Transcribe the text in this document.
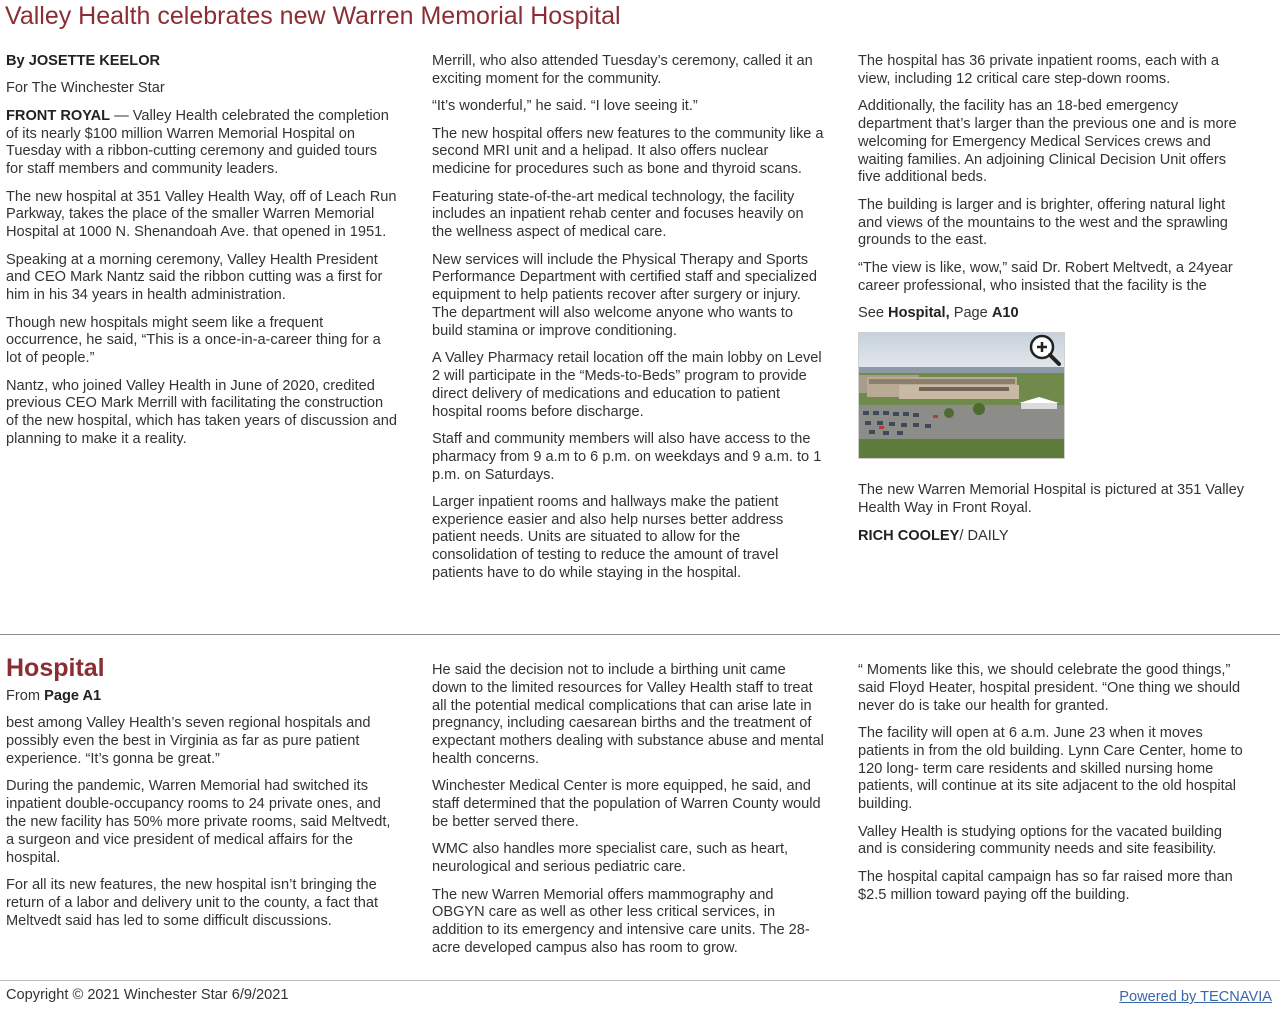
Valley Health celebrates new Warren Memorial Hospital

By JOSETTE KEELOR

For The Winchester Star

FRONT ROYAL — Valley Health celebrated the completion of its nearly $100 million Warren Memorial Hospital on Tuesday with a ribbon-cutting ceremony and guided tours for staff members and community leaders.

The new hospital at 351 Valley Health Way, off of Leach Run Parkway, takes the place of the smaller Warren Memorial Hospital at 1000 N. Shenandoah Ave. that opened in 1951.

Speaking at a morning ceremony, Valley Health President and CEO Mark Nantz said the ribbon cutting was a first for him in his 34 years in health administration.

Though new hospitals might seem like a frequent occurrence, he said, “This is a once-in-a-career thing for a lot of people.”

Nantz, who joined Valley Health in June of 2020, credited previous CEO Mark Merrill with facilitating the construction of the new hospital, which has taken years of discussion and planning to make it a reality.

Merrill, who also attended Tuesday’s ceremony, called it an exciting moment for the community.

“It’s wonderful,” he said. “I love seeing it.”

The new hospital offers new features to the community like a second MRI unit and a helipad. It also offers nuclear medicine for procedures such as bone and thyroid scans.

Featuring state-of-the-art medical technology, the facility includes an inpatient rehab center and focuses heavily on the wellness aspect of medical care.

New services will include the Physical Therapy and Sports Performance Department with certified staff and specialized equipment to help patients recover after surgery or injury. The department will also welcome anyone who wants to build stamina or improve conditioning.

A Valley Pharmacy retail location off the main lobby on Level 2 will participate in the “Meds-to-Beds” program to provide direct delivery of medications and education to patient hospital rooms before discharge.

Staff and community members will also have access to the pharmacy from 9 a.m to 6 p.m. on weekdays and 9 a.m. to 1 p.m. on Saturdays.

Larger inpatient rooms and hallways make the patient experience easier and also help nurses better address patient needs. Units are situated to allow for the consolidation of testing to reduce the amount of travel patients have to do while staying in the hospital.

The hospital has 36 private inpatient rooms, each with a view, including 12 critical care step-down rooms.

Additionally, the facility has an 18-bed emergency department that’s larger than the previous one and is more welcoming for Emergency Medical Services crews and waiting families. An adjoining Clinical Decision Unit offers five additional beds.

The building is larger and is brighter, offering natural light and views of the mountains to the west and the sprawling grounds to the east.

“The view is like, wow,” said Dr. Robert Meltvedt, a 24year career professional, who insisted that the facility is the

See Hospital, Page A10

The new Warren Memorial Hospital is pictured at 351 Valley Health Way in Front Royal.

RICH COOLEY/ DAILY

Hospital

From Page A1

best among Valley Health’s seven regional hospitals and possibly even the best in Virginia as far as pure patient experience. “It’s gonna be great.”

During the pandemic, Warren Memorial had switched its inpatient double-occupancy rooms to 24 private ones, and the new facility has 50% more private rooms, said Meltvedt, a surgeon and vice president of medical affairs for the hospital.

For all its new features, the new hospital isn’t bringing the return of a labor and delivery unit to the county, a fact that Meltvedt said has led to some difficult discussions.

He said the decision not to include a birthing unit came down to the limited resources for Valley Health staff to treat all the potential medical complications that can arise late in pregnancy, including caesarean births and the treatment of expectant mothers dealing with substance abuse and mental health concerns.

Winchester Medical Center is more equipped, he said, and staff determined that the population of Warren County would be better served there.

WMC also handles more specialist care, such as heart, neurological and serious pediatric care.

The new Warren Memorial offers mammography and OBGYN care as well as other less critical services, in addition to its emergency and intensive care units. The 28-acre developed campus also has room to grow.

“ Moments like this, we should celebrate the good things,” said Floyd Heater, hospital president. “One thing we should never do is take our health for granted.

The facility will open at 6 a.m. June 23 when it moves patients in from the old building. Lynn Care Center, home to 120 long- term care residents and skilled nursing home patients, will continue at its site adjacent to the old hospital building.

Valley Health is studying options for the vacated building and is considering community needs and site feasibility.

The hospital capital campaign has so far raised more than $2.5 million toward paying off the building.

Copyright © 2021 Winchester Star 6/9/2021	Powered by TECNAVIA
